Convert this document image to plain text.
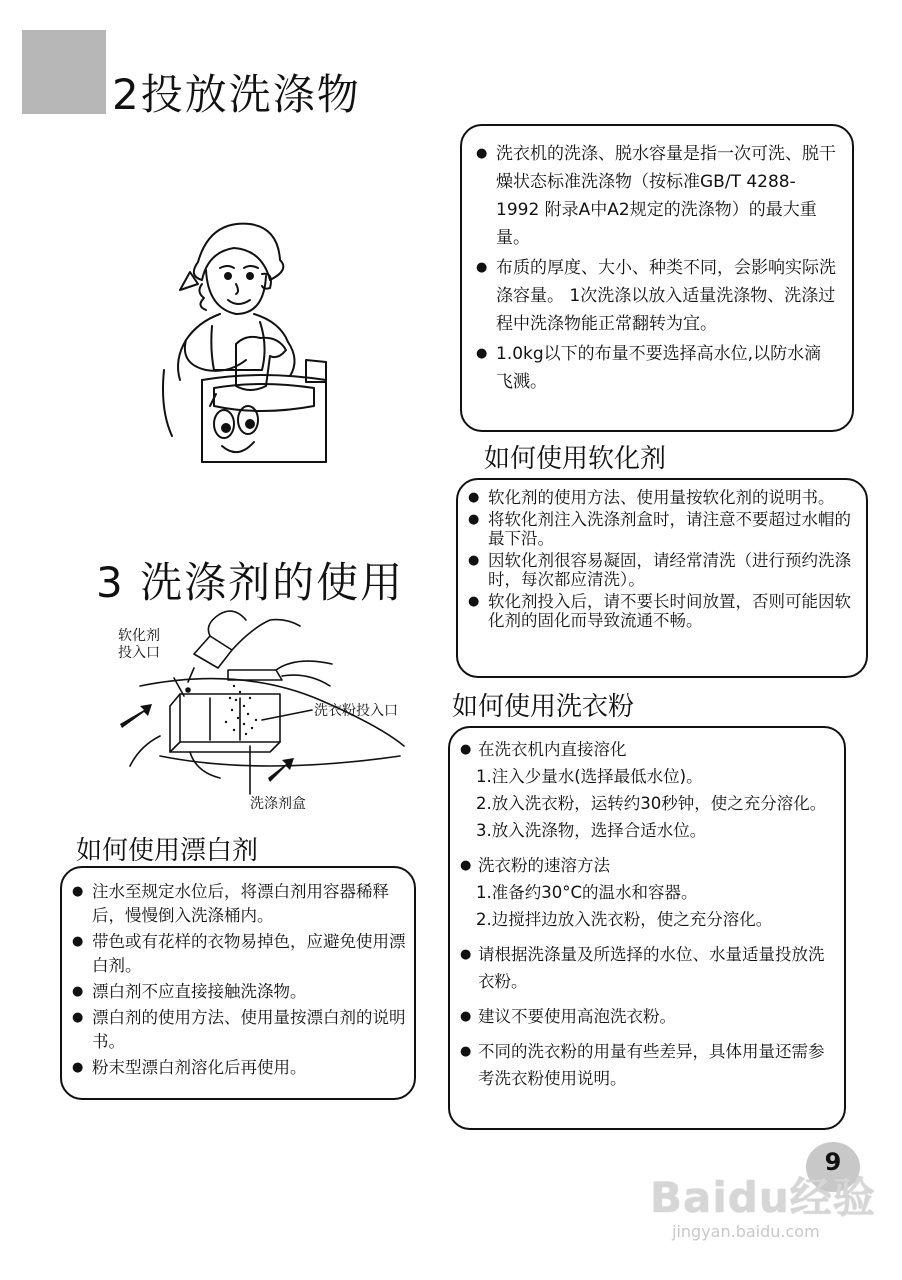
2投放洗涤物
● 洗衣机的洗涤、脱水容量是指一次可洗、脱干燥状态标准洗涤物（按标准GB/T 4288-1992 附录A中A2规定的洗涤物）的最大重量。
● 布质的厚度、大小、种类不同，会影响实际洗涤容量。 1次洗涤以放入适量洗涤物、洗涤过程中洗涤物能正常翻转为宜。
● 1.0kg以下的布量不要选择高水位,以防水滴飞溅。
如何使用软化剂
● 软化剂的使用方法、使用量按软化剂的说明书。
● 将软化剂注入洗涤剂盒时，请注意不要超过水帽的最下沿。
● 因软化剂很容易凝固，请经常清洗（进行预约洗涤时，每次都应清洗）。
● 软化剂投入后，请不要长时间放置，否则可能因软化剂的固化而导致流通不畅。
3 洗涤剂的使用
软化剂
投入口
洗衣粉投入口
洗涤剂盒
如何使用洗衣粉
● 在洗衣机内直接溶化
1.注入少量水(选择最低水位)。
2.放入洗衣粉，运转约30秒钟，使之充分溶化。
3.放入洗涤物，选择合适水位。
● 洗衣粉的速溶方法
1.准备约30°C的温水和容器。
2.边搅拌边放入洗衣粉，使之充分溶化。
● 请根据洗涤量及所选择的水位、水量适量投放洗衣粉。
● 建议不要使用高泡洗衣粉。
● 不同的洗衣粉的用量有些差异，具体用量还需参考洗衣粉使用说明。
如何使用漂白剂
● 注水至规定水位后，将漂白剂用容器稀释后，慢慢倒入洗涤桶内。
● 带色或有花样的衣物易掉色，应避免使用漂白剂。
● 漂白剂不应直接接触洗涤物。
● 漂白剂的使用方法、使用量按漂白剂的说明书。
● 粉末型漂白剂溶化后再使用。
9
Baidu经验
jingyan.baidu.com
